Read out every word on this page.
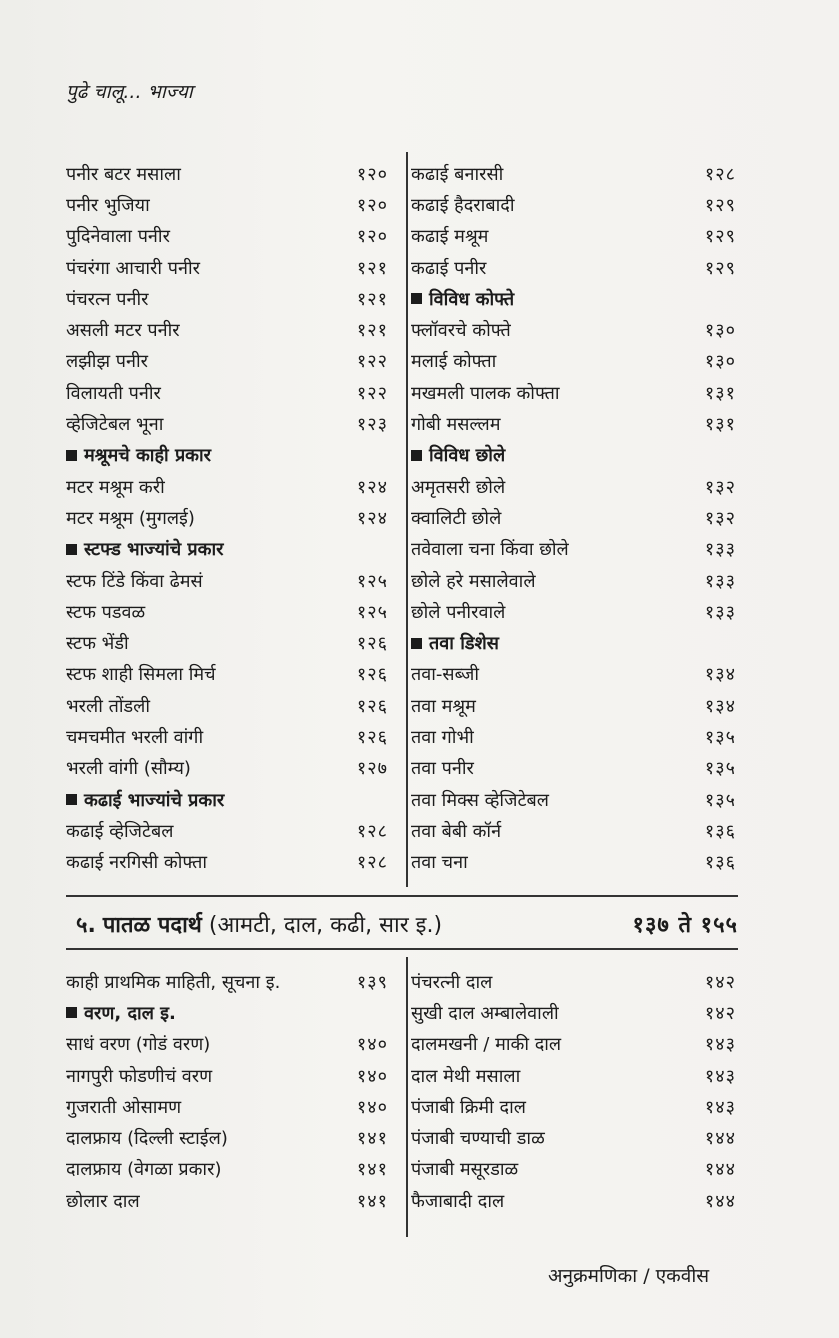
पुढे चालू... भाज्या
पनीर बटर मसाला	१२०
पनीर भुजिया	१२०
पुदिनेवाला पनीर	१२०
पंचरंगा आचारी पनीर	१२१
पंचरत्न पनीर	१२१
असली मटर पनीर	१२१
लझीझ पनीर	१२२
विलायती पनीर	१२२
व्हेजिटेबल भूना	१२३
मश्रूमचे काही प्रकार
मटर मश्रूम करी	१२४
मटर मश्रूम (मुगलई)	१२४
स्टफ्ड भाज्यांचे प्रकार
स्टफ टिंडे किंवा ढेमसं	१२५
स्टफ पडवळ	१२५
स्टफ भेंडी	१२६
स्टफ शाही सिमला मिर्च	१२६
भरली तोंडली	१२६
चमचमीत भरली वांगी	१२६
भरली वांगी (सौम्य)	१२७
कढाई भाज्यांचे प्रकार
कढाई व्हेजिटेबल	१२८
कढाई नरगिसी कोफ्ता	१२८
कढाई बनारसी	१२८
कढाई हैदराबादी	१२९
कढाई मश्रूम	१२९
कढाई पनीर	१२९
विविध कोफ्ते
फ्लॉवरचे कोफ्ते	१३०
मलाई कोफ्ता	१३०
मखमली पालक कोफ्ता	१३१
गोबी मसल्लम	१३१
विविध छोले
अमृतसरी छोले	१३२
क्वालिटी छोले	१३२
तवेवाला चना किंवा छोले	१३३
छोले हरे मसालेवाले	१३३
छोले पनीरवाले	१३३
तवा डिशेस
तवा-सब्जी	१३४
तवा मश्रूम	१३४
तवा गोभी	१३५
तवा पनीर	१३५
तवा मिक्स व्हेजिटेबल	१३५
तवा बेबी कॉर्न	१३६
तवा चना	१३६
५. पातळ पदार्थ (आमटी, दाल, कढी, सार इ.)	१३७ ते १५५
काही प्राथमिक माहिती, सूचना इ.	१३९
वरण, दाल इ.
साधं वरण (गोडं वरण)	१४०
नागपुरी फोडणीचं वरण	१४०
गुजराती ओसामण	१४०
दालफ्राय (दिल्ली स्टाईल)	१४१
दालफ्राय (वेगळा प्रकार)	१४१
छोलार दाल	१४१
पंचरत्नी दाल	१४२
सुखी दाल अम्बालेवाली	१४२
दालमखनी / माकी दाल	१४३
दाल मेथी मसाला	१४३
पंजाबी क्रिमी दाल	१४३
पंजाबी चण्याची डाळ	१४४
पंजाबी मसूरडाळ	१४४
फैजाबादी दाल	१४४
अनुक्रमणिका / एकवीस
